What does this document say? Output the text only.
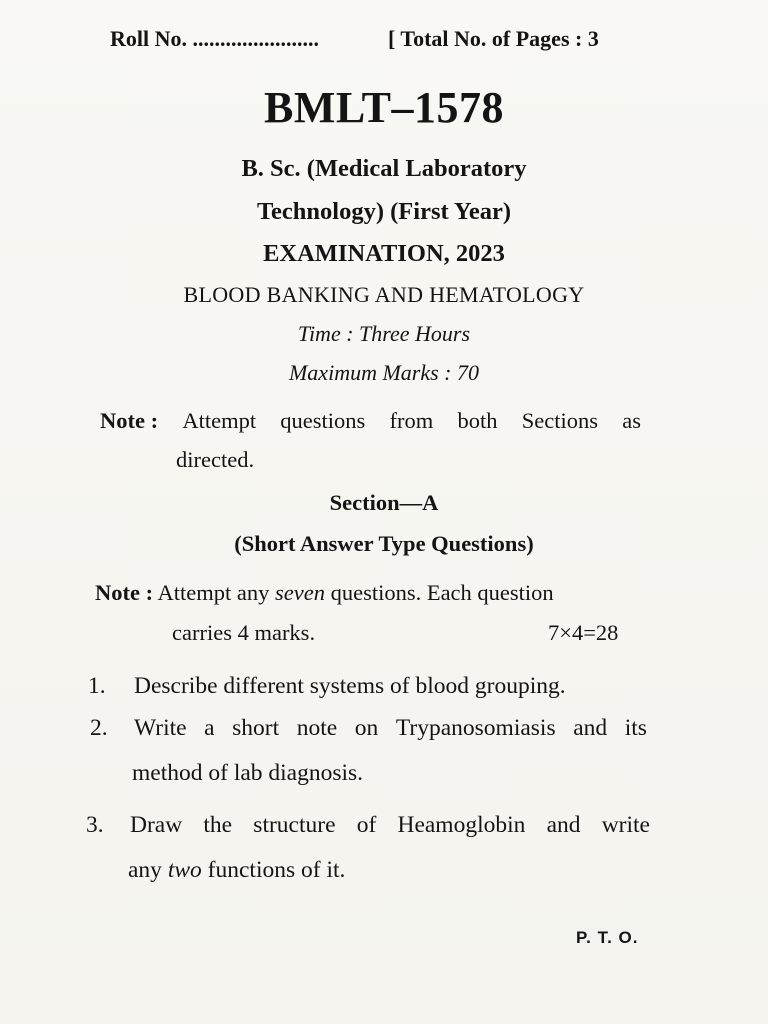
Roll No. .......................	[ Total No. of Pages : 3
BMLT–1578
B. Sc. (Medical Laboratory
Technology) (First Year)
EXAMINATION, 2023
BLOOD BANKING AND HEMATOLOGY
Time : Three Hours
Maximum Marks : 70
Note : Attempt questions from both Sections as
directed.
Section—A
(Short Answer Type Questions)
Note : Attempt any seven questions. Each question
carries 4 marks.	7×4=28
1. Describe different systems of blood grouping.
2. Write a short note on Trypanosomiasis and its
method of lab diagnosis.
3. Draw the structure of Heamoglobin and write
any two functions of it.
P. T. O.
